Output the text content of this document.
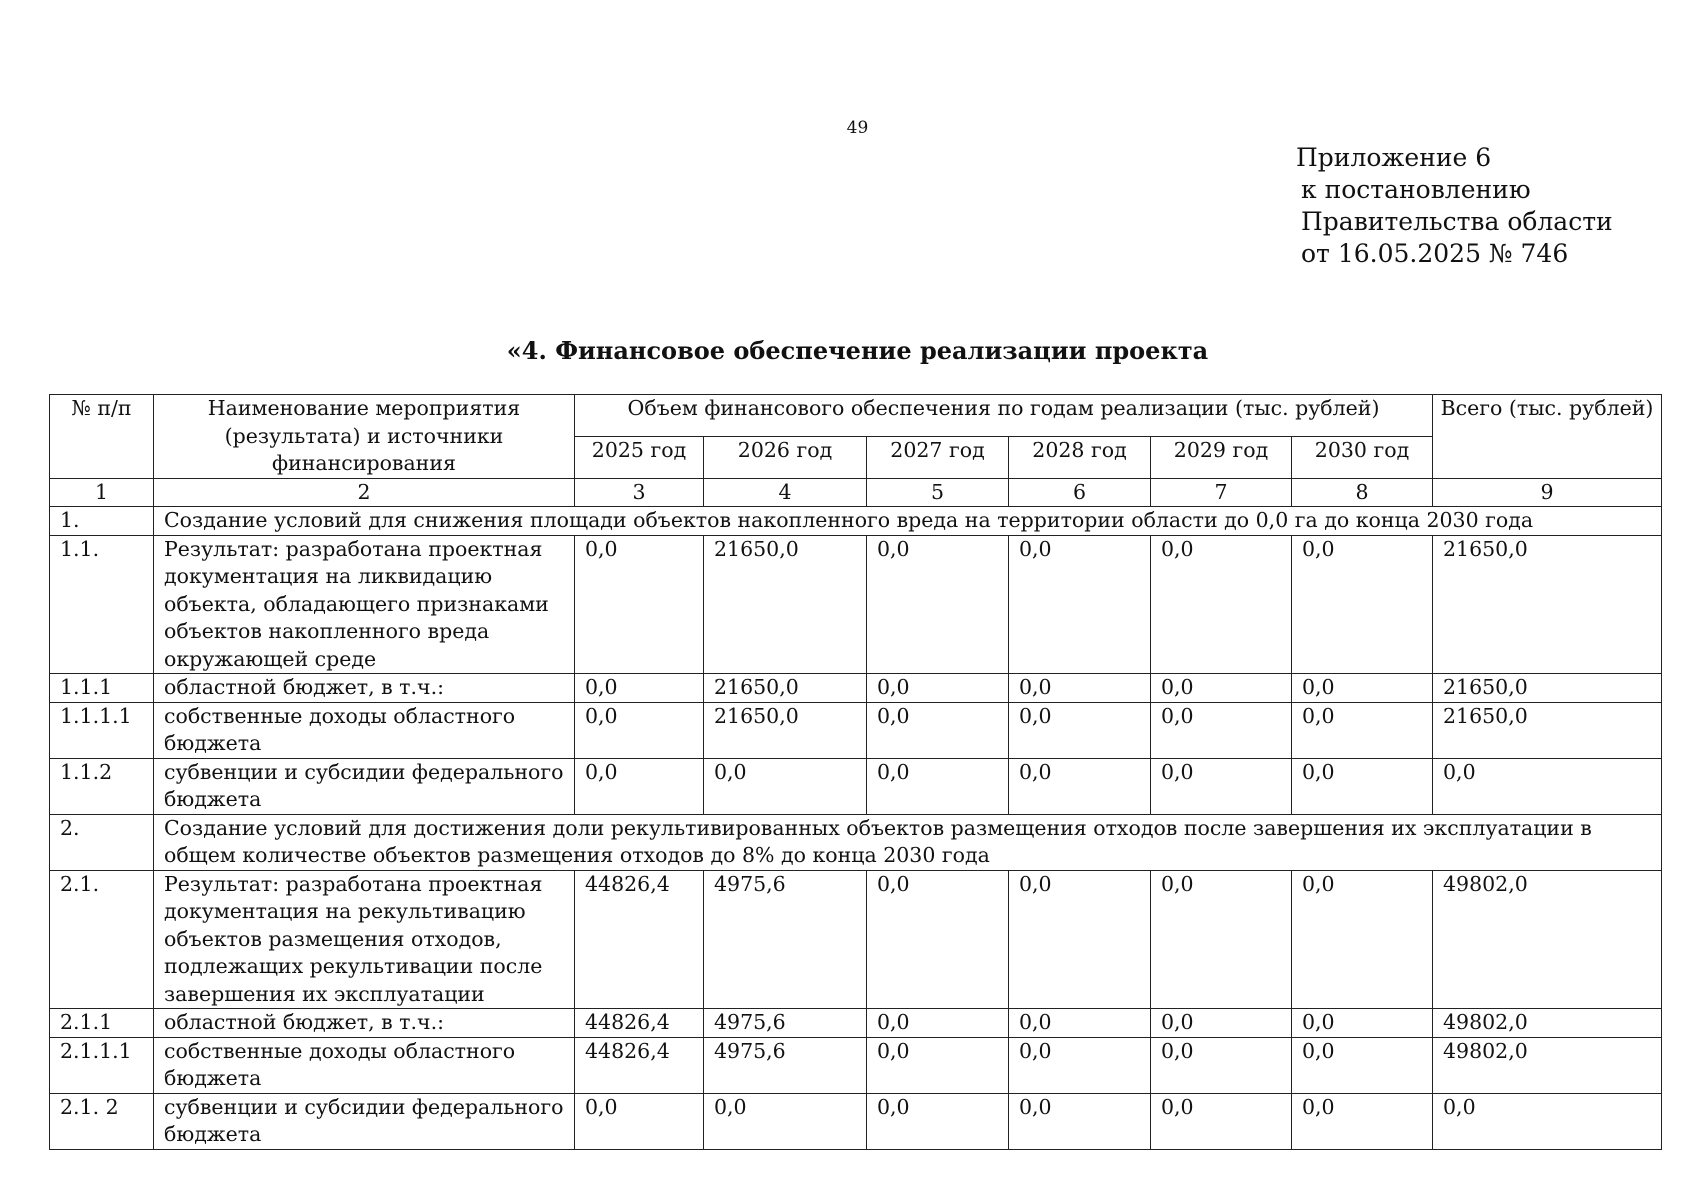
49
Приложение 6
к постановлению
Правительства области
от 16.05.2025 № 746
«4. Финансовое обеспечение реализации проекта
№ п/п	Наименование мероприятия (результата) и источники финансирования	Объем финансового обеспечения по годам реализации (тыс. рублей)						Всего (тыс. рублей)
		2025 год	2026 год	2027 год	2028 год	2029 год	2030 год	
1	2	3	4	5	6	7	8	9
1.	Создание условий для снижения площади объектов накопленного вреда на территории области до 0,0 га до конца 2030 года							
1.1.	Результат: разработана проектная документация на ликвидацию объекта, обладающего признаками объектов накопленного вреда окружающей среде	0,0	21650,0	0,0	0,0	0,0	0,0	21650,0
1.1.1	областной бюджет, в т.ч.:	0,0	21650,0	0,0	0,0	0,0	0,0	21650,0
1.1.1.1	собственные доходы областного бюджета	0,0	21650,0	0,0	0,0	0,0	0,0	21650,0
1.1.2	субвенции и субсидии федерального бюджета	0,0	0,0	0,0	0,0	0,0	0,0	0,0
2.	Создание условий для достижения доли рекультивированных объектов размещения отходов после завершения их эксплуатации в общем количестве объектов размещения отходов до 8% до конца 2030 года							
2.1.	Результат: разработана проектная документация на рекультивацию объектов размещения отходов, подлежащих рекультивации после завершения их эксплуатации	44826,4	4975,6	0,0	0,0	0,0	0,0	49802,0
2.1.1	областной бюджет, в т.ч.:	44826,4	4975,6	0,0	0,0	0,0	0,0	49802,0
2.1.1.1	собственные доходы областного бюджета	44826,4	4975,6	0,0	0,0	0,0	0,0	49802,0
2.1. 2	субвенции и субсидии федерального бюджета	0,0	0,0	0,0	0,0	0,0	0,0	0,0
